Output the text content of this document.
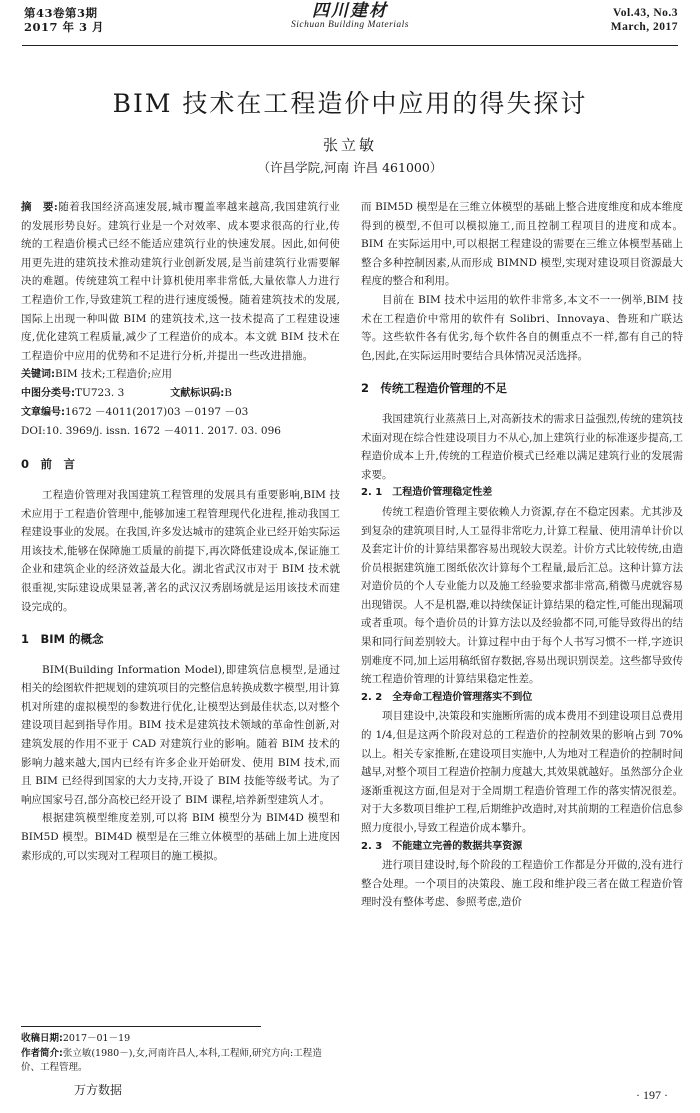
第43卷第3期
2017 年 3 月
四川建材
Sichuan Building Materials
Vol.43, No.3
March, 2017
BIM 技术在工程造价中应用的得失探讨
张立敏
（许昌学院,河南 许昌 461000）

摘　要:随着我国经济高速发展,城市覆盖率越来越高,我国建筑行业的发展形势良好。建筑行业是一个对效率、成本要求很高的行业,传统的工程造价模式已经不能适应建筑行业的快速发展。因此,如何使用更先进的建筑技术推动建筑行业创新发展,是当前建筑行业需要解决的难题。传统建筑工程中计算机使用率非常低,大量依靠人力进行工程造价工作,导致建筑工程的进行速度缓慢。随着建筑技术的发展,国际上出现一种叫做 BIM 的建筑技术,这一技术提高了工程建设速度,优化建筑工程质量,减少了工程造价的成本。本文就 BIM 技术在工程造价中应用的优势和不足进行分析,并提出一些改进措施。

关键词:BIM 技术;工程造价;应用
中图分类号:TU723. 3	文献标识码:B
文章编号:1672 －4011(2017)03 －0197 －03
DOI:10. 3969/j. issn. 1672 －4011. 2017. 03. 096
0　 前　言

工程造价管理对我国建筑工程管理的发展具有重要影响,BIM 技术应用于工程造价管理中,能够加速工程管理现代化进程,推动我国工程建设事业的发展。在我国,许多发达城市的建筑企业已经开始实际运用该技术,能够在保障施工质量的前提下,再次降低建设成本,保证施工企业和建筑企业的经济效益最大化。湖北省武汉市对于 BIM 技术就很重视,实际建设成果显著,著名的武汉汉秀剧场就是运用该技术而建设完成的。

1　 BIM 的概念

BIM(Building Information Model),即建筑信息模型,是通过相关的绘图软件把规划的建筑项目的完整信息转换成数字模型,用计算机对所建的虚拟模型的参数进行优化,让模型达到最佳状态,以对整个建设项目起到指导作用。BIM 技术是建筑技术领域的革命性创新,对建筑发展的作用不亚于 CAD 对建筑行业的影响。随着 BIM 技术的影响力越来越大,国内已经有许多企业开始研发、使用 BIM 技术,而且 BIM 已经得到国家的大力支持,开设了 BIM 技能等级考试。为了响应国家号召,部分高校已经开设了 BIM 课程,培养新型建筑人才。

根据建筑模型维度差别,可以将 BIM 模型分为 BIM4D 模型和 BIM5D 模型。BIM4D 模型是在三维立体模型的基础上加上进度因素形成的,可以实现对工程项目的施工模拟。

而 BIM5D 模型是在三维立体模型的基础上整合进度维度和成本维度得到的模型,不但可以模拟施工,而且控制工程项目的进度和成本。BIM 在实际运用中,可以根据工程建设的需要在三维立体模型基础上整合多种控制因素,从而形成 BIMND 模型,实现对建设项目资源最大程度的整合和利用。

目前在 BIM 技术中运用的软件非常多,本文不一一例举,BIM 技术在工程造价中常用的软件有 Solibri、Innovaya、鲁班和广联达等。这些软件各有优劣,每个软件各自的侧重点不一样,都有自己的特色,因此,在实际运用时要结合具体情况灵活选择。

2　 传统工程造价管理的不足

我国建筑行业蒸蒸日上,对高新技术的需求日益强烈,传统的建筑技术面对现在综合性建设项目力不从心,加上建筑行业的标准逐步提高,工程造价成本上升,传统的工程造价模式已经难以满足建筑行业的发展需求要。

2. 1 工程造价管理稳定性差

传统工程造价管理主要依赖人力资源,存在不稳定因素。尤其涉及到复杂的建筑项目时,人工显得非常吃力,计算工程量、使用清单计价以及套定计价的计算结果都容易出现较大误差。计价方式比较传统,由造价员根据建筑施工图纸依次计算每个工程量,最后汇总。这种计算方法对造价员的个人专业能力以及施工经验要求都非常高,稍微马虎就容易出现错误。人不是机器,难以持续保证计算结果的稳定性,可能出现漏项或者重项。每个造价员的计算方法以及经验都不同,可能导致得出的结果和同行间差别较大。计算过程中由于每个人书写习惯不一样,字迹识别难度不同,加上运用稿纸留存数据,容易出现识别误差。这些都导致传统工程造价管理的计算结果稳定性差。

2. 2 全寿命工程造价管理落实不到位

项目建设中,决策段和实施断所需的成本费用不到建设项目总费用的 1/4,但是这两个阶段对总的工程造价的控制效果的影响占到 70% 以上。相关专家推断,在建设项目实施中,人为地对工程造价的控制时间越早,对整个项目工程造价控制力度越大,其效果就越好。虽然部分企业逐渐重视这方面,但是对于全周期工程造价管理工作的落实情况很差。对于大多数项目维护工程,后期维护改造时,对其前期的工程造价信息参照力度很小,导致工程造价成本攀升。

2. 3 不能建立完善的数据共享资源

进行项目建设时,每个阶段的工程造价工作都是分开做的,没有进行整合处理。一个项目的决策段、施工段和维护段三者在做工程造价管理时没有整体考虑、参照考虑,造价

收稿日期:2017－01－19
作者简介:张立敏(1980－),女,河南许昌人,本科,工程师,研究方向:工程造价、工程管理。
万方数据	· 197 ·
